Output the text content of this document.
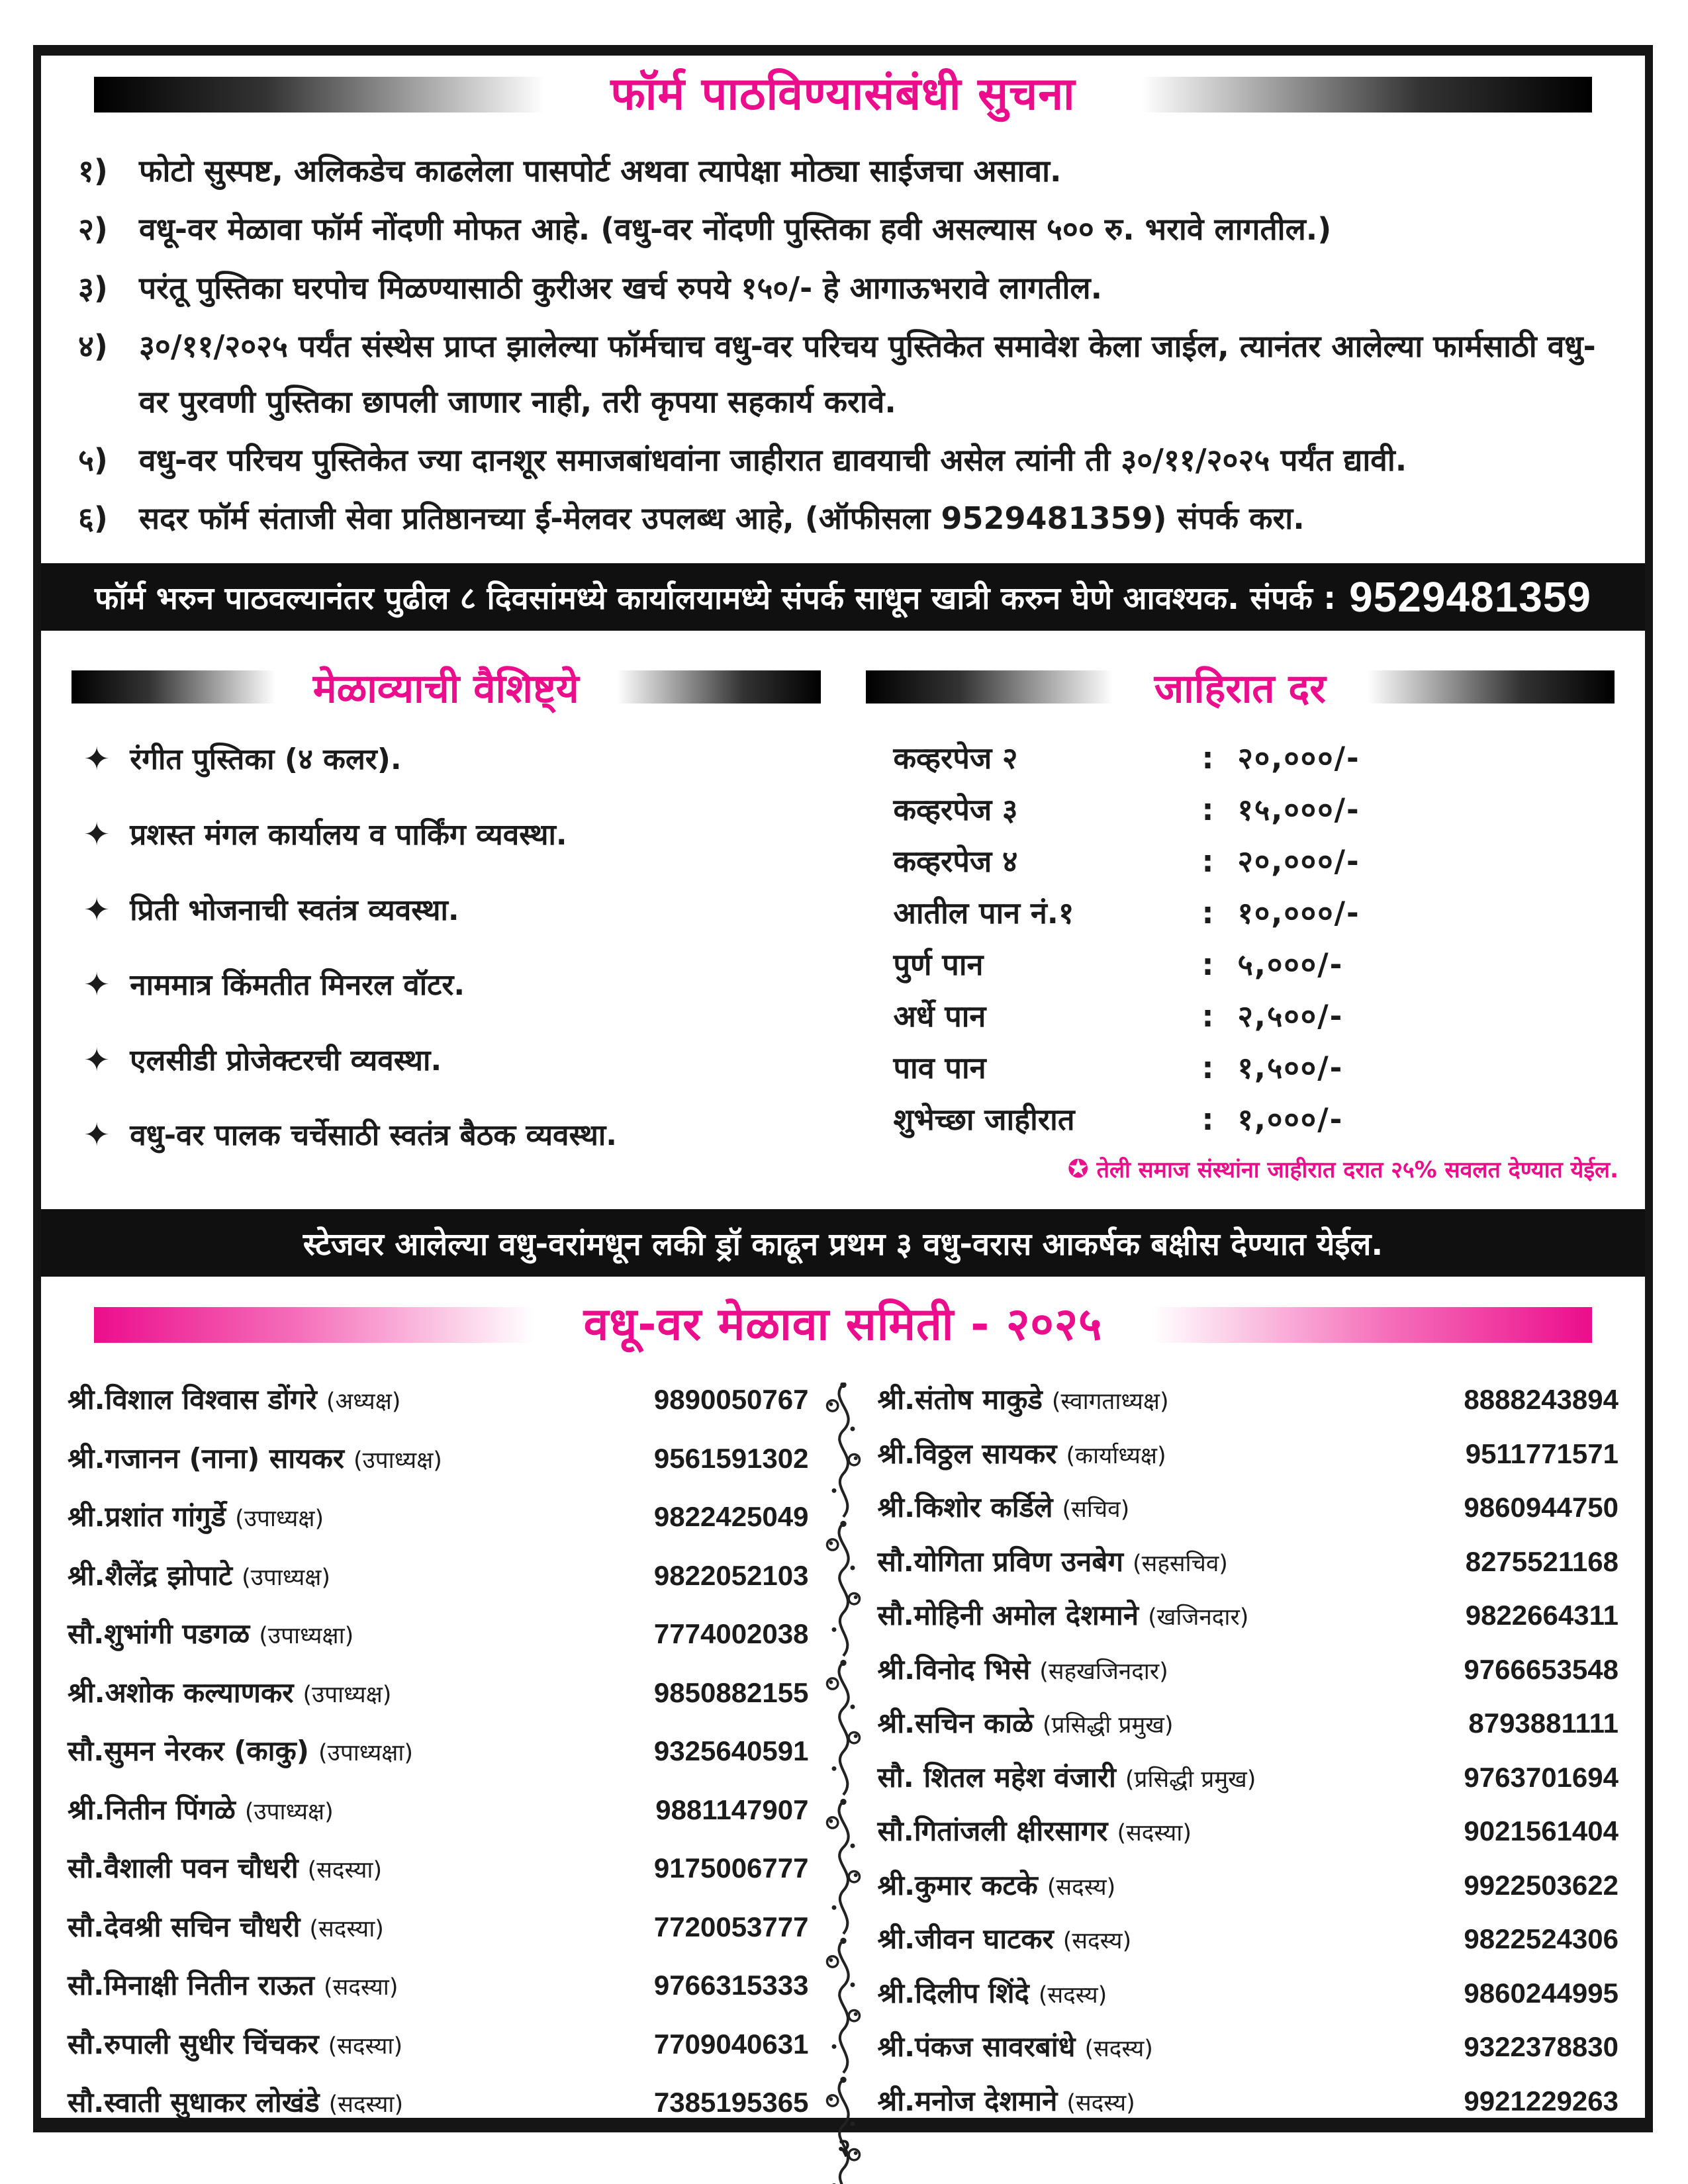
फॉर्म पाठविण्यासंबंधी सुचना
१) फोटो सुस्पष्ट, अलिकडेच काढलेला पासपोर्ट अथवा त्यापेक्षा मोठ्या साईजचा असावा.
२) वधू-वर मेळावा फॉर्म नोंदणी मोफत आहे. (वधु-वर नोंदणी पुस्तिका हवी असल्यास ५०० रु. भरावे लागतील.)
३) परंतू पुस्तिका घरपोच मिळण्यासाठी कुरीअर खर्च रुपये १५०/- हे आगाऊभरावे लागतील.
४) ३०/११/२०२५ पर्यंत संस्थेस प्राप्त झालेल्या फॉर्मचाच वधु-वर परिचय पुस्तिकेत समावेश केला जाईल, त्यानंतर आलेल्या फार्मसाठी वधु-वर पुरवणी पुस्तिका छापली जाणार नाही, तरी कृपया सहकार्य करावे.
५) वधु-वर परिचय पुस्तिकेत ज्या दानशूर समाजबांधवांना जाहीरात द्यावयाची असेल त्यांनी ती ३०/११/२०२५ पर्यंत द्यावी.
६) सदर फॉर्म संताजी सेवा प्रतिष्ठानच्या ई-मेलवर उपलब्ध आहे, (ऑफीसला 9529481359) संपर्क करा.
फॉर्म भरुन पाठवल्यानंतर पुढील ८ दिवसांमध्ये कार्यालयामध्ये संपर्क साधून खात्री करुन घेणे आवश्यक. संपर्क : 9529481359
मेळाव्याची वैशिष्ट्ये
✦ रंगीत पुस्तिका (४ कलर).
✦ प्रशस्त मंगल कार्यालय व पार्किंग व्यवस्था.
✦ प्रिती भोजनाची स्वतंत्र व्यवस्था.
✦ नाममात्र किंमतीत मिनरल वॉटर.
✦ एलसीडी प्रोजेक्टरची व्यवस्था.
✦ वधु-वर पालक चर्चेसाठी स्वतंत्र बैठक व्यवस्था.
जाहिरात दर
कव्हरपेज २	: २०,०००/-
कव्हरपेज ३	: १५,०००/-
कव्हरपेज ४	: २०,०००/-
आतील पान नं.१	: १०,०००/-
पुर्ण पान	: ५,०००/-
अर्धे पान	: २,५००/-
पाव पान	: १,५००/-
शुभेच्छा जाहीरात	: १,०००/-
✪ तेली समाज संस्थांना जाहीरात दरात २५% सवलत देण्यात येईल.
स्टेजवर आलेल्या वधु-वरांमधून लकी ड्रॉ काढून प्रथम ३ वधु-वरास आकर्षक बक्षीस देण्यात येईल.
वधू-वर मेळावा समिती - २०२५
श्री.विशाल विश्वास डोंगरे (अध्यक्ष)	9890050767
श्री.गजानन (नाना) सायकर (उपाध्यक्ष)	9561591302
श्री.प्रशांत गांगुर्डे (उपाध्यक्ष)	9822425049
श्री.शैलेंद्र झोपाटे (उपाध्यक्ष)	9822052103
सौ.शुभांगी पडगळ (उपाध्यक्षा)	7774002038
श्री.अशोक कल्याणकर (उपाध्यक्ष)	9850882155
सौ.सुमन नेरकर (काकु) (उपाध्यक्षा)	9325640591
श्री.नितीन पिंगळे (उपाध्यक्ष)	9881147907
सौ.वैशाली पवन चौधरी (सदस्या)	9175006777
सौ.देवश्री सचिन चौधरी (सदस्या)	7720053777
सौ.मिनाक्षी नितीन राऊत (सदस्या)	9766315333
सौ.रुपाली सुधीर चिंचकर (सदस्या)	7709040631
सौ.स्वाती सुधाकर लोखंडे (सदस्या)	7385195365
श्री.संतोष माकुडे (स्वागताध्यक्ष)	8888243894
श्री.विठ्ठल सायकर (कार्याध्यक्ष)	9511771571
श्री.किशोर कर्डिले (सचिव)	9860944750
सौ.योगिता प्रविण उनबेग (सहसचिव)	8275521168
सौ.मोहिनी अमोल देशमाने (खजिनदार)	9822664311
श्री.विनोद भिसे (सहखजिनदार)	9766653548
श्री.सचिन काळे (प्रसिद्धी प्रमुख)	8793881111
सौ. शितल महेश वंजारी (प्रसिद्धी प्रमुख)	9763701694
सौ.गितांजली क्षीरसागर (सदस्या)	9021561404
श्री.कुमार कटके (सदस्य)	9922503622
श्री.जीवन घाटकर (सदस्य)	9822524306
श्री.दिलीप शिंदे (सदस्य)	9860244995
श्री.पंकज सावरबांधे (सदस्य)	9322378830
श्री.मनोज देशमाने (सदस्य)	9921229263
२
